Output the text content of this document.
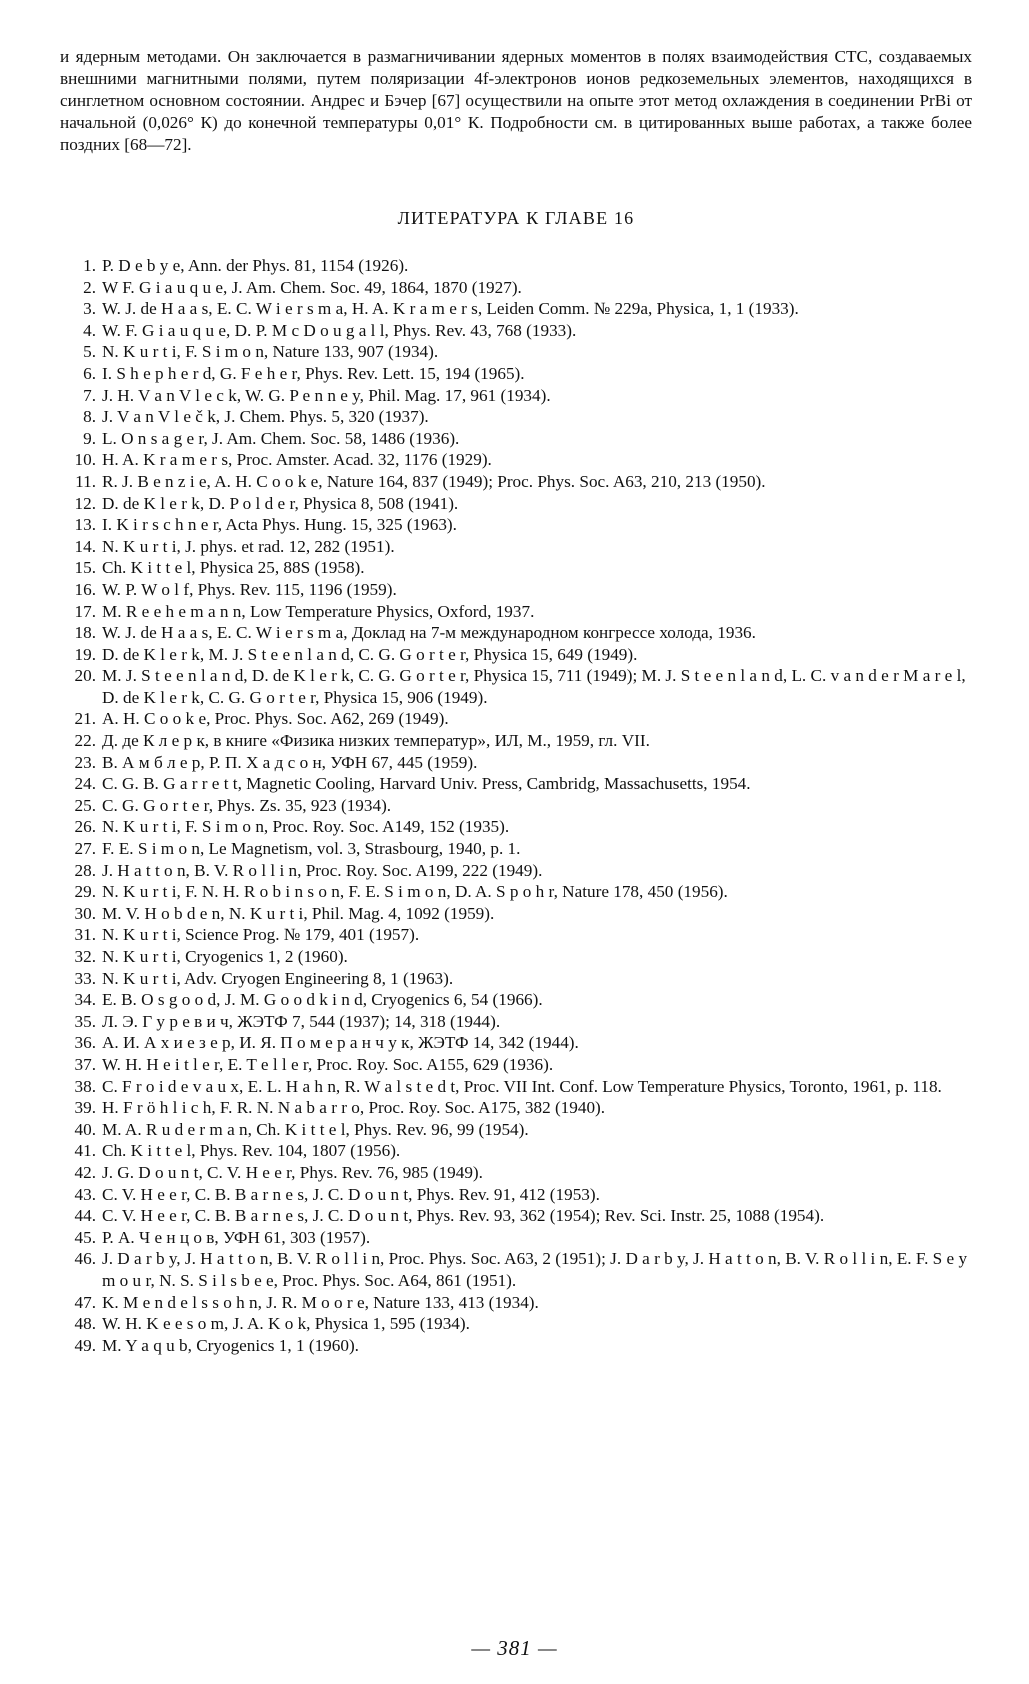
и ядерным методами. Он заключается в размагничивании ядерных моментов в полях взаимодействия СТС, создаваемых внешними магнитными полями, путем поляризации 4f-электронов ионов редкоземельных элементов, находящихся в синглетном основном состоянии. Андрес и Бэчер [67] осуществили на опыте этот метод охлаждения в соединении PrBi от начальной (0,026° К) до конечной температуры 0,01° К. Подробности см. в цитированных выше работах, а также более поздних [68—72].

ЛИТЕРАТУРА К ГЛАВЕ 16
1. P. D e b y e, Ann. der Phys. 81, 1154 (1926).
2. W F. G i a u q u e, J. Am. Chem. Soc. 49, 1864, 1870 (1927).
3. W. J. de H a a s, E. C. W i e r s m a, H. A. K r a m e r s, Leiden Comm. № 229a, Physica, 1, 1 (1933).
4. W. F. G i a u q u e, D. P. M c D o u g a l l, Phys. Rev. 43, 768 (1933).
5. N. K u r t i, F. S i m o n, Nature 133, 907 (1934).
6. I. S h e p h e r d, G. F e h e r, Phys. Rev. Lett. 15, 194 (1965).
7. J. H. V a n V l e c k, W. G. P e n n e y, Phil. Mag. 17, 961 (1934).
8. J. V a n V l e č k, J. Chem. Phys. 5, 320 (1937).
9. L. O n s a g e r, J. Am. Chem. Soc. 58, 1486 (1936).
10. H. A. K r a m e r s, Proc. Amster. Acad. 32, 1176 (1929).
11. R. J. B e n z i e, A. H. C o o k e, Nature 164, 837 (1949); Proc. Phys. Soc. A63, 210, 213 (1950).
12. D. de K l e r k, D. P o l d e r, Physica 8, 508 (1941).
13. I. K i r s c h n e r, Acta Phys. Hung. 15, 325 (1963).
14. N. K u r t i, J. phys. et rad. 12, 282 (1951).
15. Ch. K i t t e l, Physica 25, 88S (1958).
16. W. P. W o l f, Phys. Rev. 115, 1196 (1959).
17. M. R e e h e m a n n, Low Temperature Physics, Oxford, 1937.
18. W. J. de H a a s, E. C. W i e r s m a, Доклад на 7-м международном конгрессе холода, 1936.
19. D. de K l e r k, M. J. S t e e n l a n d, C. G. G o r t e r, Physica 15, 649 (1949).
20. M. J. S t e e n l a n d, D. de K l e r k, C. G. G o r t e r, Physica 15, 711 (1949); M. J. S t e e n l a n d, L. C. v a n d e r M a r e l, D. de K l e r k, C. G. G o r t e r, Physica 15, 906 (1949).
21. A. H. C o o k e, Proc. Phys. Soc. A62, 269 (1949).
22. Д. де К л е р к, в книге «Физика низких температур», ИЛ, М., 1959, гл. VII.
23. В. А м б л е р, Р. П. Х а д с о н, УФН 67, 445 (1959).
24. C. G. B. G a r r e t t, Magnetic Cooling, Harvard Univ. Press, Cambridg, Massachusetts, 1954.
25. C. G. G o r t e r, Phys. Zs. 35, 923 (1934).
26. N. K u r t i, F. S i m o n, Proc. Roy. Soc. A149, 152 (1935).
27. F. E. S i m o n, Le Magnetism, vol. 3, Strasbourg, 1940, p. 1.
28. J. H a t t o n, B. V. R o l l i n, Proc. Roy. Soc. A199, 222 (1949).
29. N. K u r t i, F. N. H. R o b i n s o n, F. E. S i m o n, D. A. S p o h r, Nature 178, 450 (1956).
30. M. V. H o b d e n, N. K u r t i, Phil. Mag. 4, 1092 (1959).
31. N. K u r t i, Science Prog. № 179, 401 (1957).
32. N. K u r t i, Cryogenics 1, 2 (1960).
33. N. K u r t i, Adv. Cryogen Engineering 8, 1 (1963).
34. E. B. O s g o o d, J. M. G o o d k i n d, Cryogenics 6, 54 (1966).
35. Л. Э. Г у р е в и ч, ЖЭТФ 7, 544 (1937); 14, 318 (1944).
36. А. И. А х и е з е р, И. Я. П о м е р а н ч у к, ЖЭТФ 14, 342 (1944).
37. W. H. H e i t l e r, E. T e l l e r, Proc. Roy. Soc. A155, 629 (1936).
38. C. F r o i d e v a u x, E. L. H a h n, R. W a l s t e d t, Proc. VII Int. Conf. Low Temperature Physics, Toronto, 1961, p. 118.
39. H. F r ö h l i c h, F. R. N. N a b a r r o, Proc. Roy. Soc. A175, 382 (1940).
40. M. A. R u d e r m a n, Ch. K i t t e l, Phys. Rev. 96, 99 (1954).
41. Ch. K i t t e l, Phys. Rev. 104, 1807 (1956).
42. J. G. D o u n t, C. V. H e e r, Phys. Rev. 76, 985 (1949).
43. C. V. H e e r, C. B. B a r n e s, J. C. D o u n t, Phys. Rev. 91, 412 (1953).
44. C. V. H e e r, C. B. B a r n e s, J. C. D o u n t, Phys. Rev. 93, 362 (1954); Rev. Sci. Instr. 25, 1088 (1954).
45. Р. А. Ч е н ц о в, УФН 61, 303 (1957).
46. J. D a r b y, J. H a t t o n, B. V. R o l l i n, Proc. Phys. Soc. A63, 2 (1951); J. D a r b y, J. H a t t o n, B. V. R o l l i n, E. F. S e y m o u r, N. S. S i l s b e e, Proc. Phys. Soc. A64, 861 (1951).
47. K. M e n d e l s s o h n, J. R. M o o r e, Nature 133, 413 (1934).
48. W. H. K e e s o m, J. A. K o k, Physica 1, 595 (1934).
49. M. Y a q u b, Cryogenics 1, 1 (1960).
— 381 —
